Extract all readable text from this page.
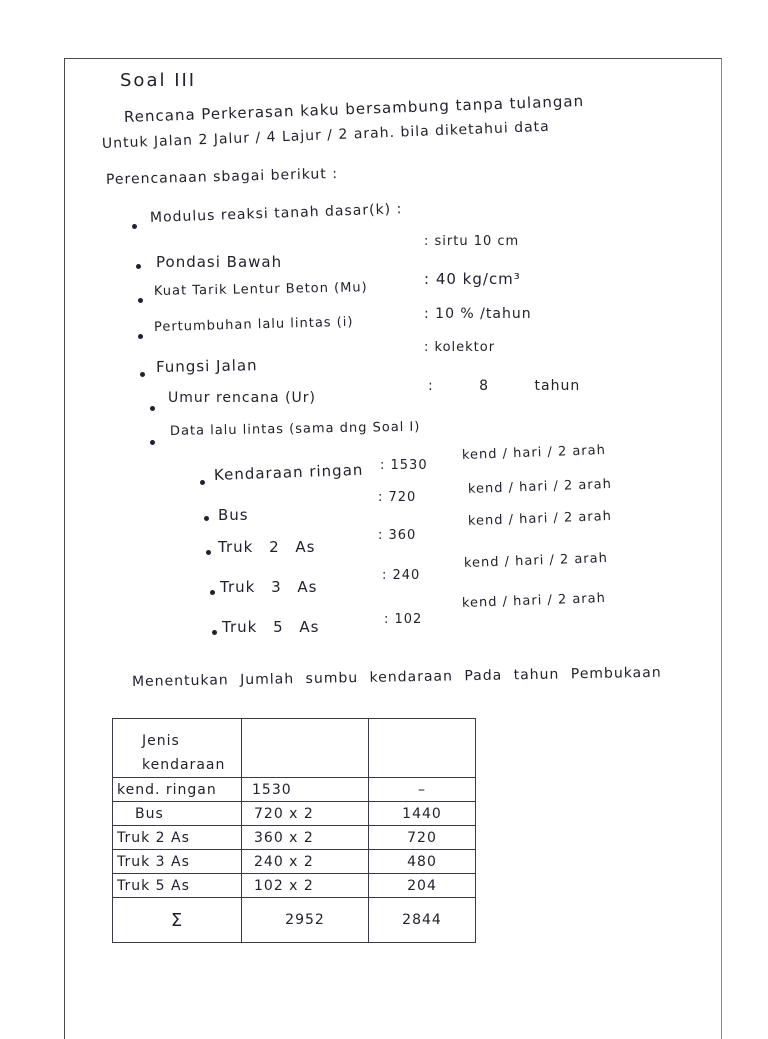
Soal III
Rencana Perkerasan kaku bersambung tanpa tulangan
Untuk Jalan 2 Jalur / 4 Lajur / 2 arah. bila diketahui data
Perencanaan sbagai berikut :
Modulus reaksi tanah dasar(k) :
Pondasi Bawah
: sirtu 10 cm
Kuat Tarik Lentur Beton (Mu)
: 40 kg/cm³
Pertumbuhan lalu lintas (i)
: 10 % /tahun
Fungsi Jalan
: kolektor
Umur rencana (Ur)
: 8 tahun
Data lalu lintas (sama dng Soal I)
Kendaraan ringan : 1530
kend / hari / 2 arah
Bus
: 720
kend / hari / 2 arah
Truk 2 As
: 360
kend / hari / 2 arah
Truk 3 As
: 240
kend / hari / 2 arah
Truk 5 As	: 102
kend / hari / 2 arah
Menentukan Jumlah sumbu kendaraan Pada tahun Pembukaan
Jenis kendaraan		

kend. ringan	1530	–
Bus	720 x 2	1440
Truk 2 As	360 x 2	720
Truk 3 As	240 x 2	480
Truk 5 As	102 x 2	204
Σ	2952	2844
